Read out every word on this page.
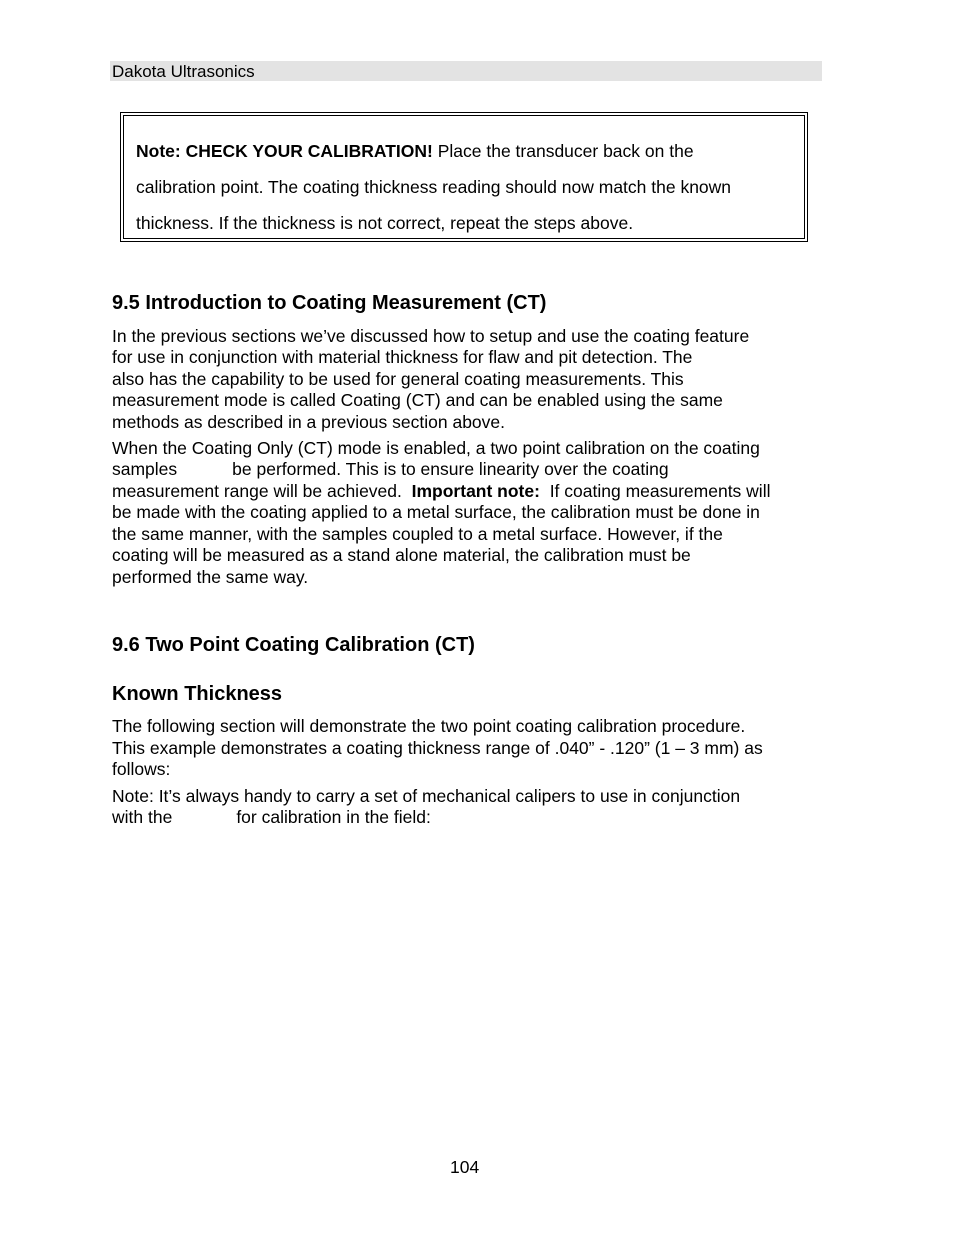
Dakota Ultrasonics
Note: CHECK YOUR CALIBRATION! Place the transducer back on the
calibration point. The coating thickness reading should now match the known
thickness. If the thickness is not correct, repeat the steps above.
9.5 Introduction to Coating Measurement (CT)
In the previous sections we’ve discussed how to setup and use the coating feature
for use in conjunction with material thickness for flaw and pit detection. The
also has the capability to be used for general coating measurements. This
measurement mode is called Coating (CT) and can be enabled using the same
methods as described in a previous section above.
When the Coating Only (CT) mode is enabled, a two point calibration on the coating
samples	be performed. This is to ensure linearity over the coating
measurement range will be achieved. Important note: If coating measurements will
be made with the coating applied to a metal surface, the calibration must be done in
the same manner, with the samples coupled to a metal surface. However, if the
coating will be measured as a stand alone material, the calibration must be
performed the same way.
9.6 Two Point Coating Calibration (CT)
Known Thickness
The following section will demonstrate the two point coating calibration procedure.
This example demonstrates a coating thickness range of .040” - .120” (1 – 3 mm) as
follows:
Note: It’s always handy to carry a set of mechanical calipers to use in conjunction
with the	for calibration in the field:
104
